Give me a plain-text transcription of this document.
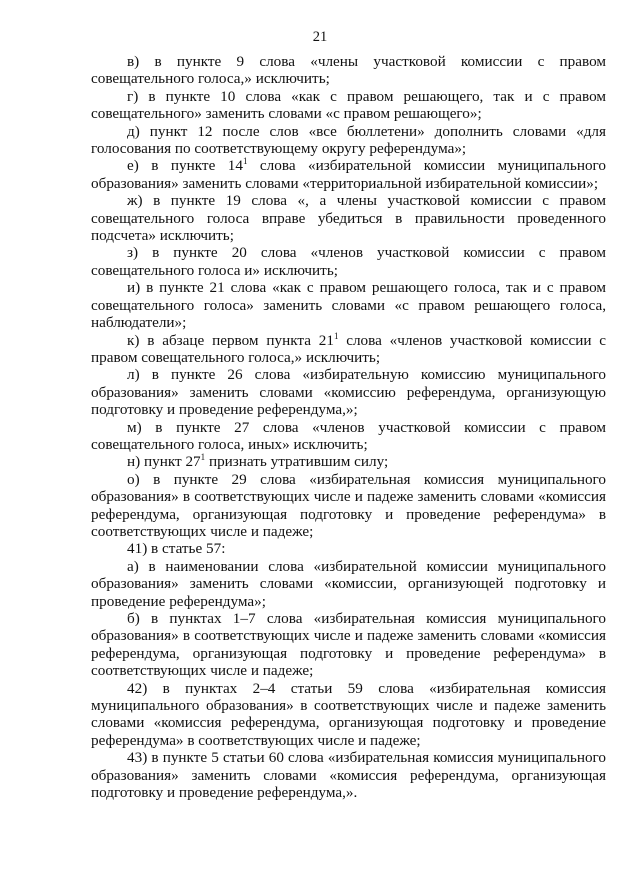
21

в) в пункте 9 слова «члены участковой комиссии с правом совещательного голоса,» исключить;

г) в пункте 10 слова «как с правом решающего, так и с правом совещательного» заменить словами «с правом решающего»;

д) пункт 12 после слов «все бюллетени» дополнить словами «для голосования по соответствующему округу референдума»;

е) в пункте $14^1$ слова «избирательной комиссии муниципального образования» заменить словами «территориальной избирательной комиссии»;

ж) в пункте 19 слова «, а члены участковой комиссии с правом совещательного голоса вправе убедиться в правильности проведенного подсчета» исключить;

з) в пункте 20 слова «членов участковой комиссии с правом совещательного голоса и» исключить;

и) в пункте 21 слова «как с правом решающего голоса, так и с правом совещательного голоса» заменить словами «с правом решающего голоса, наблюдатели»;

к) в абзаце первом пункта $21^1$ слова «членов участковой комиссии с правом совещательного голоса,» исключить;

л) в пункте 26 слова «избирательную комиссию муниципального образования» заменить словами «комиссию референдума, организующую подготовку и проведение референдума,»;

м) в пункте 27 слова «членов участковой комиссии с правом совещательного голоса, иных» исключить;

н) пункт $27^1$ признать утратившим силу;

о) в пункте 29 слова «избирательная комиссия муниципального образования» в соответствующих числе и падеже заменить словами «комиссия референдума, организующая подготовку и проведение референдума» в соответствующих числе и падеже;

41) в статье 57:

а) в наименовании слова «избирательной комиссии муниципального образования» заменить словами «комиссии, организующей подготовку и проведение референдума»;

б) в пунктах 1–7 слова «избирательная комиссия муниципального образования» в соответствующих числе и падеже заменить словами «комиссия референдума, организующая подготовку и проведение референдума» в соответствующих числе и падеже;

42) в пунктах 2–4 статьи 59 слова «избирательная комиссия муниципального образования» в соответствующих числе и падеже заменить словами «комиссия референдума, организующая подготовку и проведение референдума» в соответствующих числе и падеже;

43) в пункте 5 статьи 60 слова «избирательная комиссия муниципального образования» заменить словами «комиссия референдума, организующая подготовку и проведение референдума,».
